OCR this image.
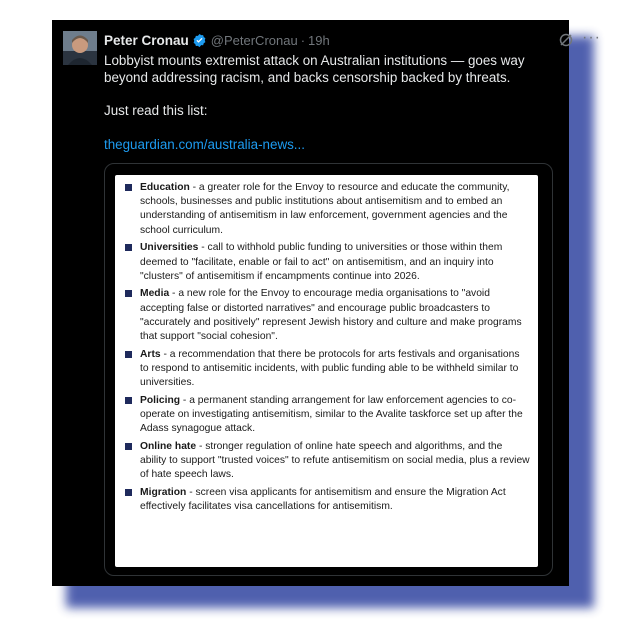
Peter Cronau @PeterCronau · 19h	···

Lobbyist mounts extremist attack on Australian institutions — goes way beyond addressing racism, and backs censorship backed by threats.

Just read this list:
theguardian.com/australia-news...
Education - a greater role for the Envoy to resource and educate the community, schools, businesses and public institutions about antisemitism and to embed an understanding of antisemitism in law enforcement, government agencies and the school curriculum.
Universities - call to withhold public funding to universities or those within them deemed to "facilitate, enable or fail to act" on antisemitism, and an inquiry into "clusters" of antisemitism if encampments continue into 2026.
Media - a new role for the Envoy to encourage media organisations to "avoid accepting false or distorted narratives" and encourage public broadcasters to "accurately and positively" represent Jewish history and culture and make programs that support "social cohesion".
Arts - a recommendation that there be protocols for arts festivals and organisations to respond to antisemitic incidents, with public funding able to be withheld similar to universities.
Policing - a permanent standing arrangement for law enforcement agencies to co-operate on investigating antisemitism, similar to the Avalite taskforce set up after the Adass synagogue attack.
Online hate - stronger regulation of online hate speech and algorithms, and the ability to support "trusted voices" to refute antisemitism on social media, plus a review of hate speech laws.
Migration - screen visa applicants for antisemitism and ensure the Migration Act effectively facilitates visa cancellations for antisemitism.
